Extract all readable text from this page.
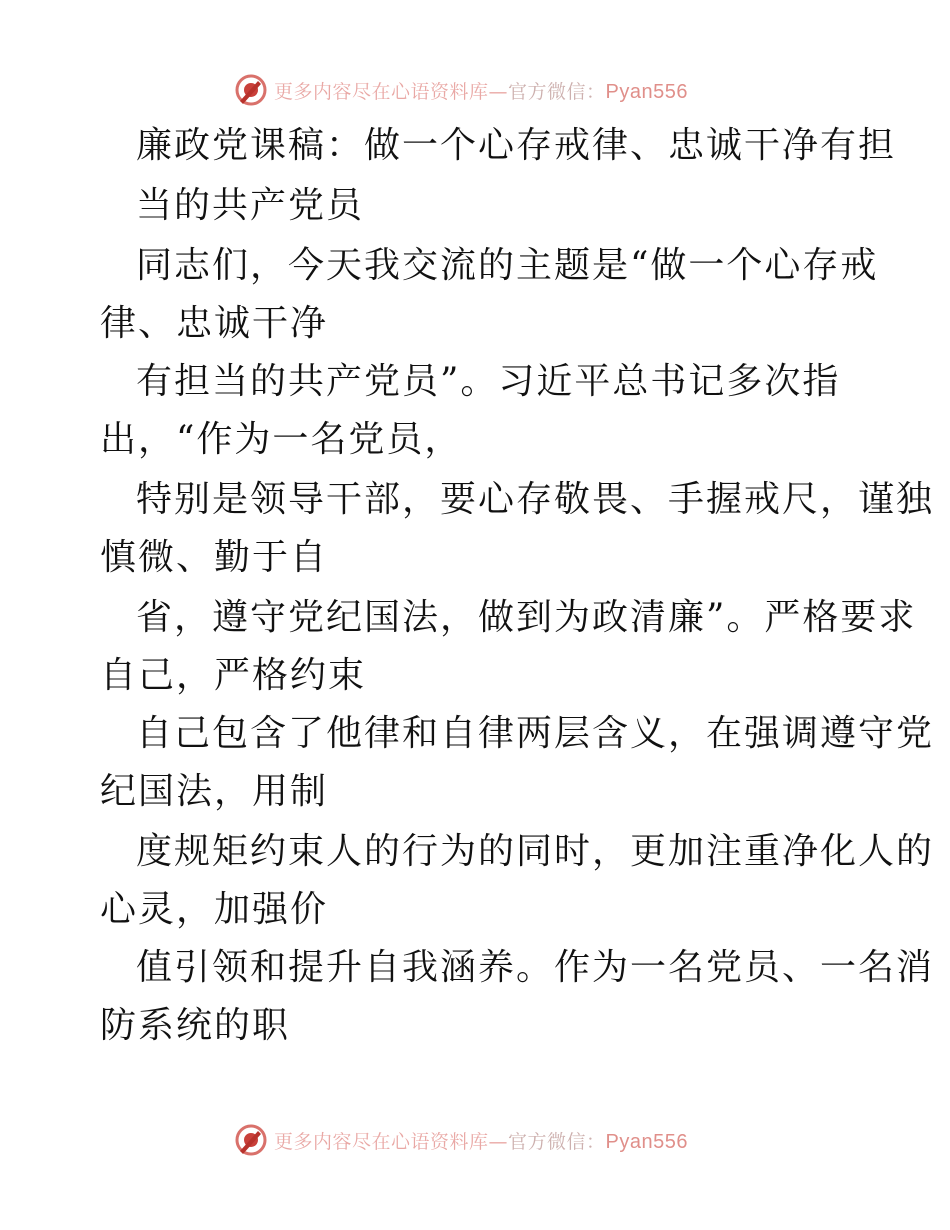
更多内容尽在心语资料库—官方微信：Pyan556
廉政党课稿：做一个心存戒律、忠诚干净有担
当的共产党员
同志们，今天我交流的主题是“做一个心存戒
律、忠诚干净
有担当的共产党员”。习近平总书记多次指
出，“作为一名党员，
特别是领导干部，要心存敬畏、手握戒尺，谨独
慎微、勤于自
省，遵守党纪国法，做到为政清廉”。严格要求
自己，严格约束
自己包含了他律和自律两层含义，在强调遵守党
纪国法，用制
度规矩约束人的行为的同时，更加注重净化人的
心灵，加强价
值引领和提升自我涵养。作为一名党员、一名消
防系统的职
更多内容尽在心语资料库—官方微信：Pyan556
